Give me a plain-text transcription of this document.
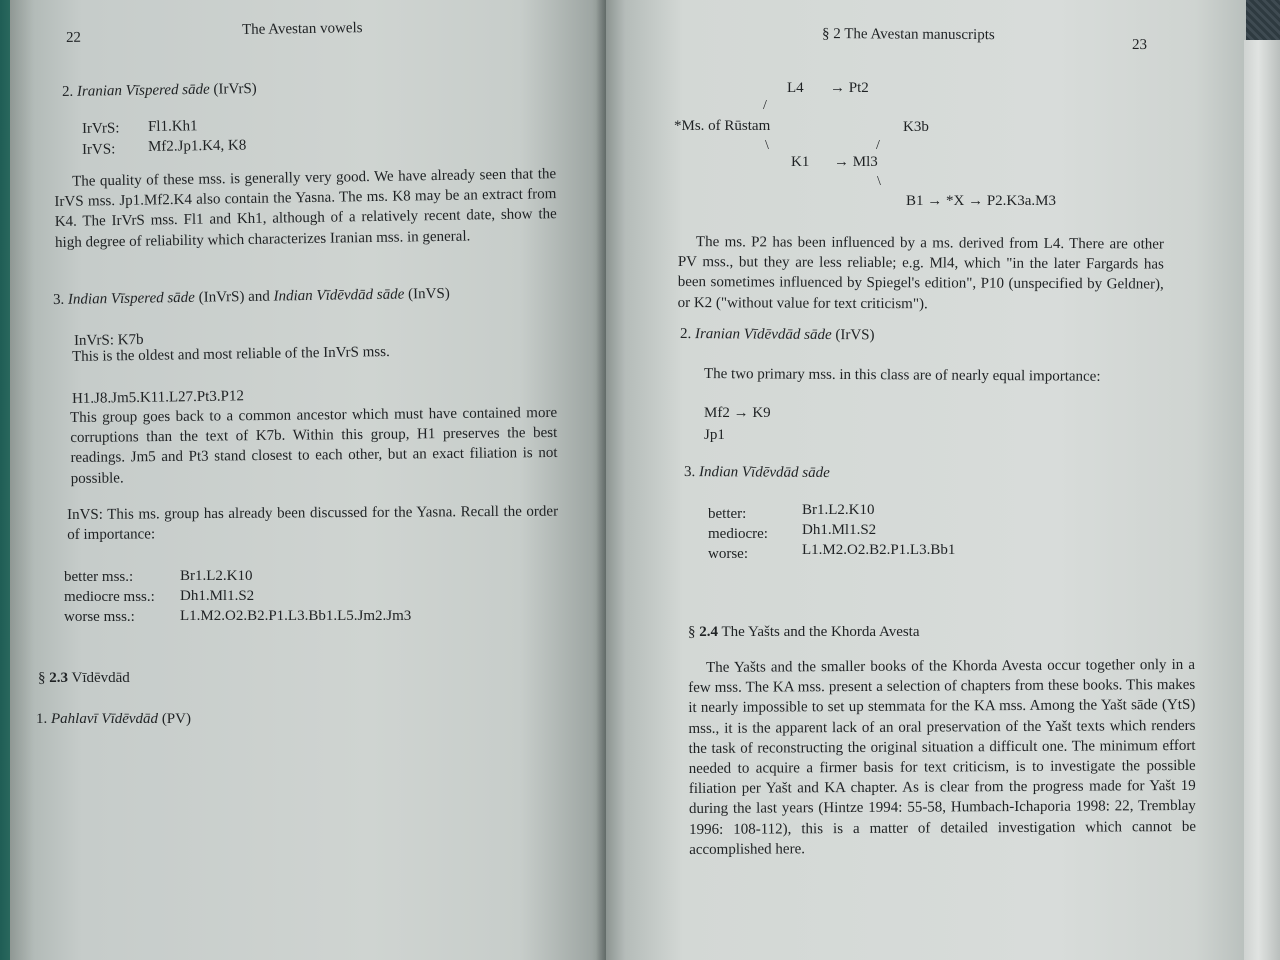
22	The Avestan vowels
2. Iranian Vīspered sāde (IrVrS)
IrVrS: Fl1.Kh1
IrVS: Mf2.Jp1.K4, K8
The quality of these mss. is generally very good. We have already seen that the IrVS mss. Jp1.Mf2.K4 also contain the Yasna. The ms. K8 may be an extract from K4. The IrVrS mss. Fl1 and Kh1, although of a relatively recent date, show the high degree of reliability which characterizes Iranian mss. in general.
3. Indian Vīspered sāde (InVrS) and Indian Vīdēvdād sāde (InVS)
InVrS: K7b
This is the oldest and most reliable of the InVrS mss.
H1.J8.Jm5.K11.L27.Pt3.P12
This group goes back to a common ancestor which must have contained more corruptions than the text of K7b. Within this group, H1 preserves the best readings. Jm5 and Pt3 stand closest to each other, but an exact filiation is not possible.
InVS: This ms. group has already been discussed for the Yasna. Recall the order of importance:
better mss.:	Br1.L2.K10
mediocre mss.: Dh1.Ml1.S2
worse mss.:	L1.M2.O2.B2.P1.L3.Bb1.L5.Jm2.Jm3
§ 2.3 Vīdēvdād
1. Pahlavī Vīdēvdād (PV)
§ 2 The Avestan manuscripts
23
L4 → Pt2
/
*Ms. of Rūstam	K3b
\	/
K1 → Ml3
\
B1 → *X → P2.K3a.M3
The ms. P2 has been influenced by a ms. derived from L4. There are other PV mss., but they are less reliable; e.g. Ml4, which "in the later Fargards has been sometimes influenced by Spiegel's edition", P10 (unspecified by Geldner), or K2 ("without value for text criticism").
2. Iranian Vīdēvdād sāde (IrVS)
The two primary mss. in this class are of nearly equal importance:
Mf2 → K9
Jp1
3. Indian Vīdēvdād sāde
better:	Br1.L2.K10
mediocre: Dh1.Ml1.S2
worse:	L1.M2.O2.B2.P1.L3.Bb1
§ 2.4 The Yašts and the Khorda Avesta
The Yašts and the smaller books of the Khorda Avesta occur together only in a few mss. The KA mss. present a selection of chapters from these books. This makes it nearly impossible to set up stemmata for the KA mss. Among the Yašt sāde (YtS) mss., it is the apparent lack of an oral preservation of the Yašt texts which renders the task of reconstructing the original situation a difficult one. The minimum effort needed to acquire a firmer basis for text criticism, is to investigate the possible filiation per Yašt and KA chapter. As is clear from the progress made for Yašt 19 during the last years (Hintze 1994: 55-58, Humbach-Ichaporia 1998: 22, Tremblay 1996: 108-112), this is a matter of detailed investigation which cannot be accomplished here.
